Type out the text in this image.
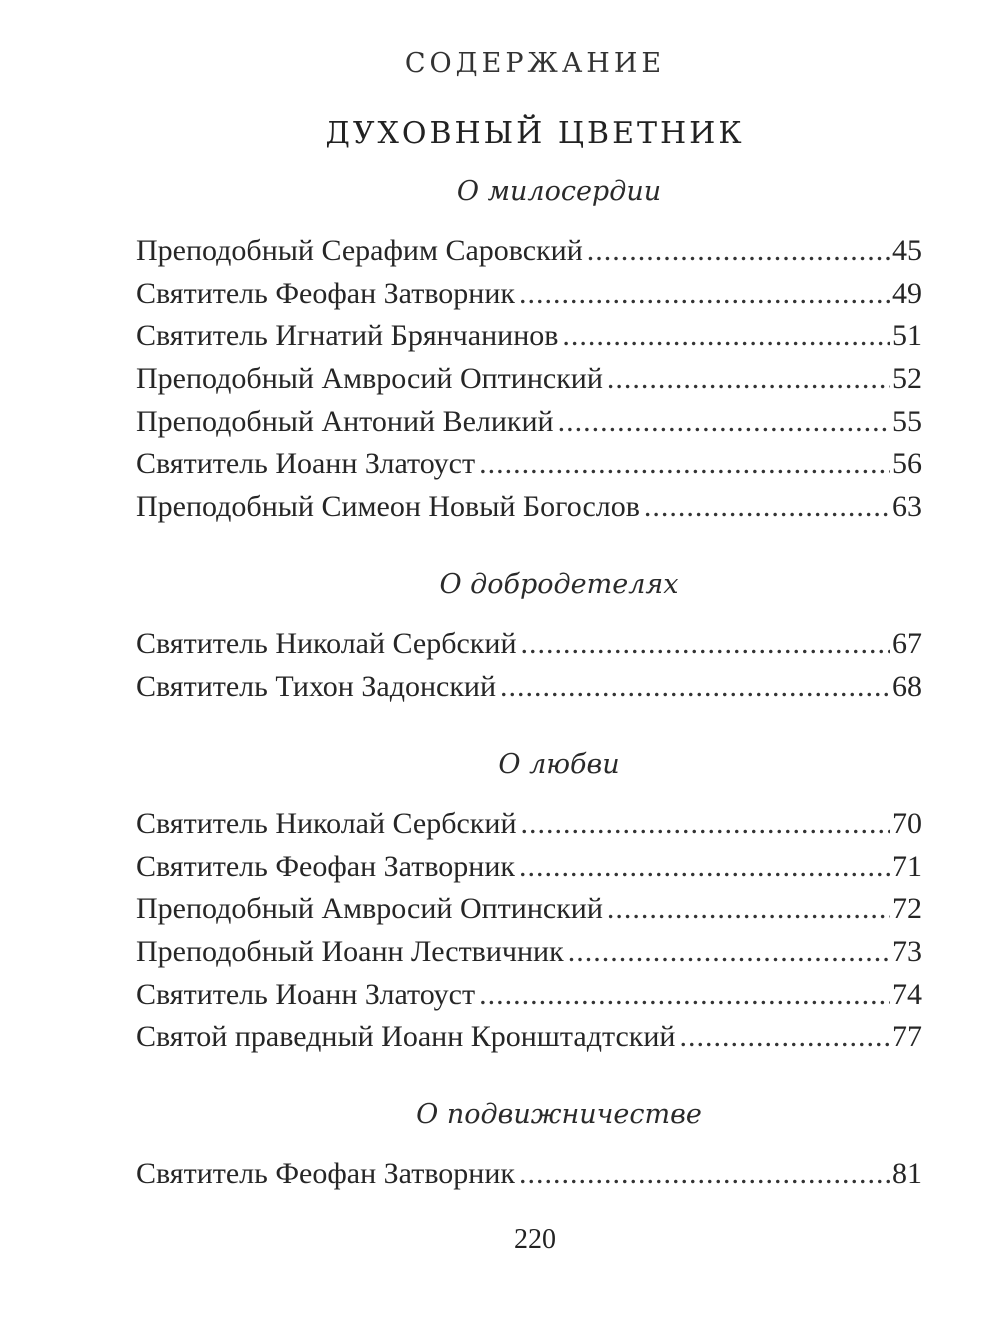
СОДЕРЖАНИЕ
ДУХОВНЫЙ ЦВЕТНИК
О милосердии
Преподобный Серафим Саровский .....	45
Святитель Феофан Затворник .....	49
Святитель Игнатий Брянчанинов .....	51
Преподобный Амвросий Оптинский .....	52
Преподобный Антоний Великий .....	55
Святитель Иоанн Златоуст .....	56
Преподобный Симеон Новый Богослов .....	63
О добродетелях
Святитель Николай Сербский .....	67
Святитель Тихон Задонский .....	68
О любви
Святитель Николай Сербский .....	70
Святитель Феофан Затворник .....	71
Преподобный Амвросий Оптинский .....	72
Преподобный Иоанн Лествичник .....	73
Святитель Иоанн Златоуст .....	74
Святой праведный Иоанн Кронштадтский .....	77
О подвижничестве
Святитель Феофан Затворник .....	81
220
